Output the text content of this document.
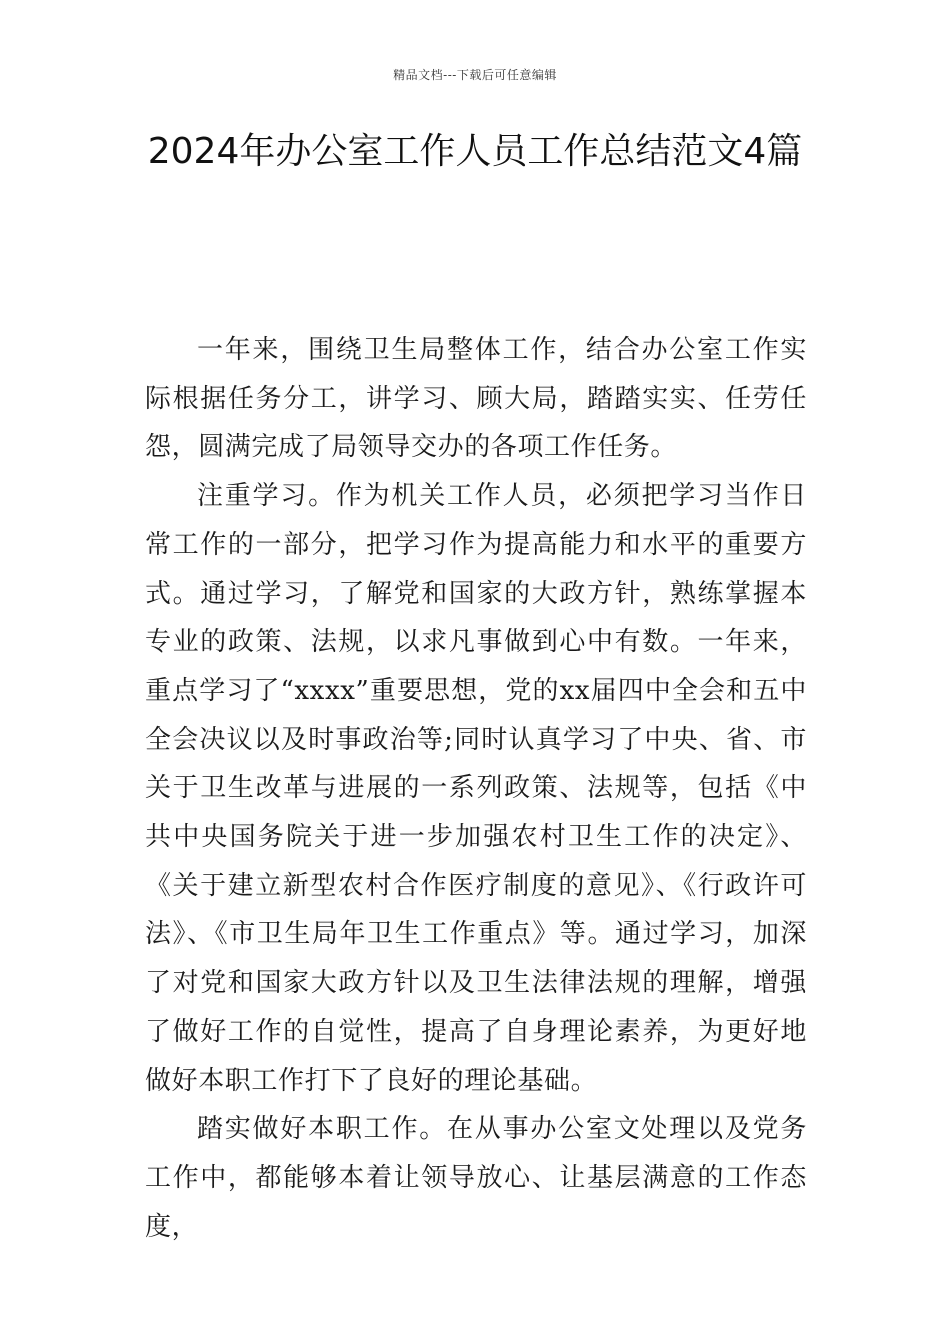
精品文档---下载后可任意编辑
2024年办公室工作人员工作总结范文4篇

一年来，围绕卫生局整体工作，结合办公室工作实际根据任务分工，讲学习、顾大局，踏踏实实、任劳任怨，圆满完成了局领导交办的各项工作任务。

注重学习。作为机关工作人员，必须把学习当作日常工作的一部分，把学习作为提高能力和水平的重要方式。通过学习，了解党和国家的大政方针，熟练掌握本专业的政策、法规，以求凡事做到心中有数。一年来，重点学习了“xxxx”重要思想，党的xx届四中全会和五中全会决议以及时事政治等;同时认真学习了中央、省、市关于卫生改革与进展的一系列政策、法规等，包括《中共中央国务院关于进一步加强农村卫生工作的决定》、《关于建立新型农村合作医疗制度的意见》、《行政许可法》、《市卫生局年卫生工作重点》等。通过学习，加深了对党和国家大政方针以及卫生法律法规的理解，增强了做好工作的自觉性，提高了自身理论素养，为更好地做好本职工作打下了良好的理论基础。

踏实做好本职工作。在从事办公室文处理以及党务工作中，都能够本着让领导放心、让基层满意的工作态度，
